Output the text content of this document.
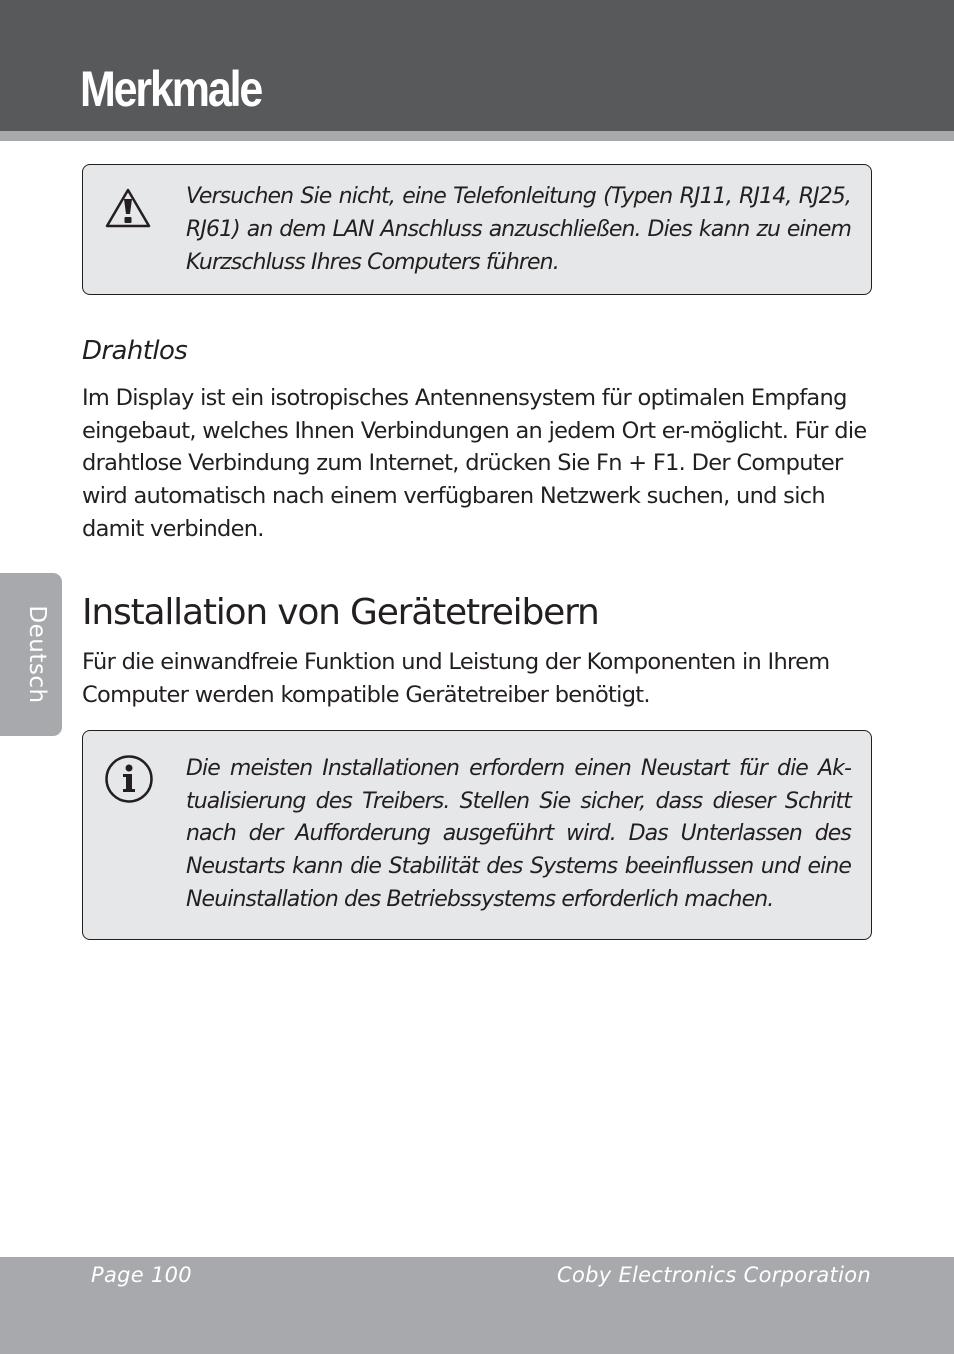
Merkmale
Deutsch
Versuchen Sie nicht, eine Telefonleitung (Typen RJ11, RJ14, RJ25, RJ61) an dem LAN Anschluss anzuschließen. Dies kann zu einem Kurzschluss Ihres Computers führen.
Drahtlos
Im Display ist ein isotropisches Antennensystem für optimalen Empfang eingebaut, welches Ihnen Verbindungen an jedem Ort er-möglicht. Für die drahtlose Verbindung zum Internet, drücken Sie Fn + F1. Der Computer wird automatisch nach einem verfügbaren Netzwerk suchen, und sich damit verbinden.
Installation von Gerätetreibern
Für die einwandfreie Funktion und Leistung der Komponenten in Ihrem Computer werden kompatible Gerätetreiber benötigt.
Die meisten Installationen erfordern einen Neustart für die Ak-tualisierung des Treibers. Stellen Sie sicher, dass dieser Schritt nach der Aufforderung ausgeführt wird. Das Unterlassen des Neustarts kann die Stabilität des Systems beeinflussen und eine Neuinstallation des Betriebssystems erforderlich machen.
Page 100	Coby Electronics Corporation
